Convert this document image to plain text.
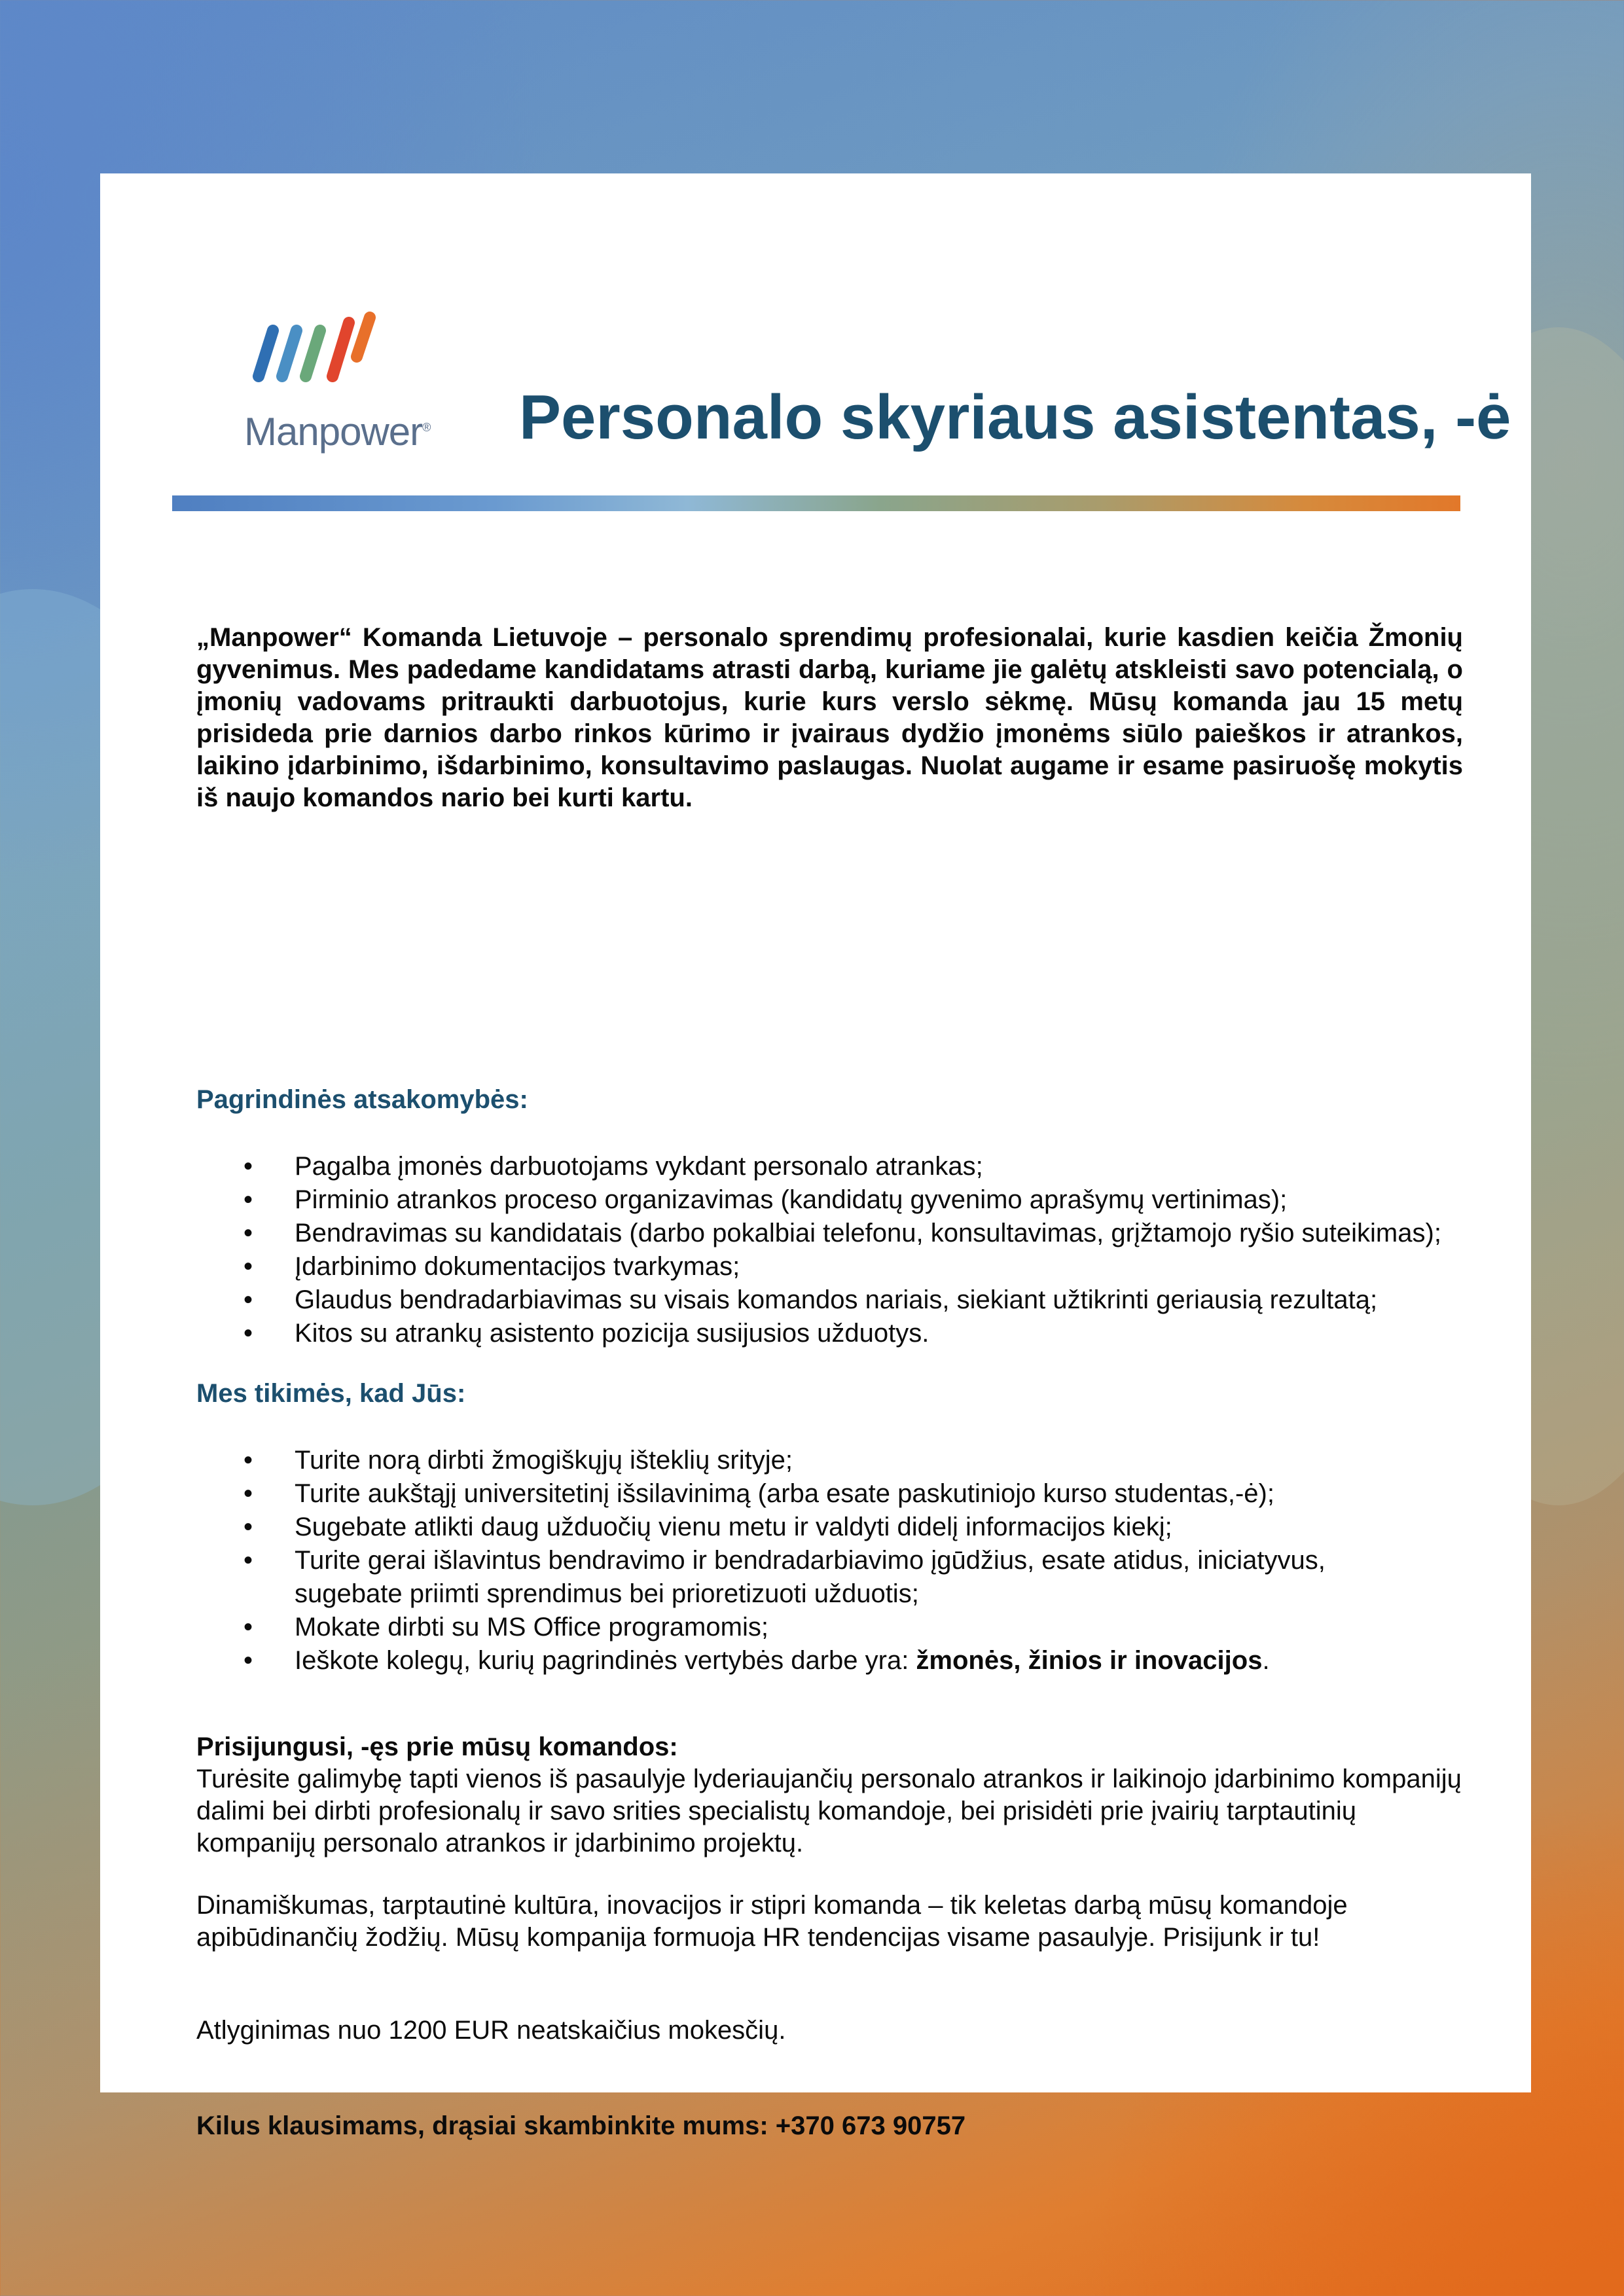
Manpower® Personalo skyriaus asistentas, -ė

„Manpower“ Komanda Lietuvoje – personalo sprendimų profesionalai, kurie kasdien keičia Žmonių gyvenimus. Mes padedame kandidatams atrasti darbą, kuriame jie galėtų atskleisti savo potencialą, o įmonių vadovams pritraukti darbuotojus, kurie kurs verslo sėkmę. Mūsų komanda jau 15 metų prisideda prie darnios darbo rinkos kūrimo ir įvairaus dydžio įmonėms siūlo paieškos ir atrankos, laikino įdarbinimo, išdarbinimo, konsultavimo paslaugas. Nuolat augame ir esame pasiruošę mokytis iš naujo komandos nario bei kurti kartu.

Pagrindinės atsakomybės:
• Pagalba įmonės darbuotojams vykdant personalo atrankas;
• Pirminio atrankos proceso organizavimas (kandidatų gyvenimo aprašymų vertinimas);
• Bendravimas su kandidatais (darbo pokalbiai telefonu, konsultavimas, grįžtamojo ryšio suteikimas);
• Įdarbinimo dokumentacijos tvarkymas;
• Glaudus bendradarbiavimas su visais komandos nariais, siekiant užtikrinti geriausią rezultatą;
• Kitos su atrankų asistento pozicija susijusios užduotys.
Mes tikimės, kad Jūs:
• Turite norą dirbti žmogiškųjų išteklių srityje;
• Turite aukštąjį universitetinį išsilavinimą (arba esate paskutiniojo kurso studentas,-ė);
• Sugebate atlikti daug užduočių vienu metu ir valdyti didelį informacijos kiekį;
• Turite gerai išlavintus bendravimo ir bendradarbiavimo įgūdžius, esate atidus, iniciatyvus, sugebate priimti sprendimus bei prioretizuoti užduotis;
• Mokate dirbti su MS Office programomis;
• Ieškote kolegų, kurių pagrindinės vertybės darbe yra: žmonės, žinios ir inovacijos.
Prisijungusi, -ęs prie mūsų komandos:

Turėsite galimybę tapti vienos iš pasaulyje lyderiaujančių personalo atrankos ir laikinojo įdarbinimo kompanijų dalimi bei dirbti profesionalų ir savo srities specialistų komandoje, bei prisidėti prie įvairių tarptautinių kompanijų personalo atrankos ir įdarbinimo projektų.

Dinamiškumas, tarptautinė kultūra, inovacijos ir stipri komanda – tik keletas darbą mūsų komandoje apibūdinančių žodžių. Mūsų kompanija formuoja HR tendencijas visame pasaulyje. Prisijunk ir tu!

Atlyginimas nuo 1200 EUR neatskaičius mokesčių.

Kilus klausimams, drąsiai skambinkite mums: +370 673 90757
